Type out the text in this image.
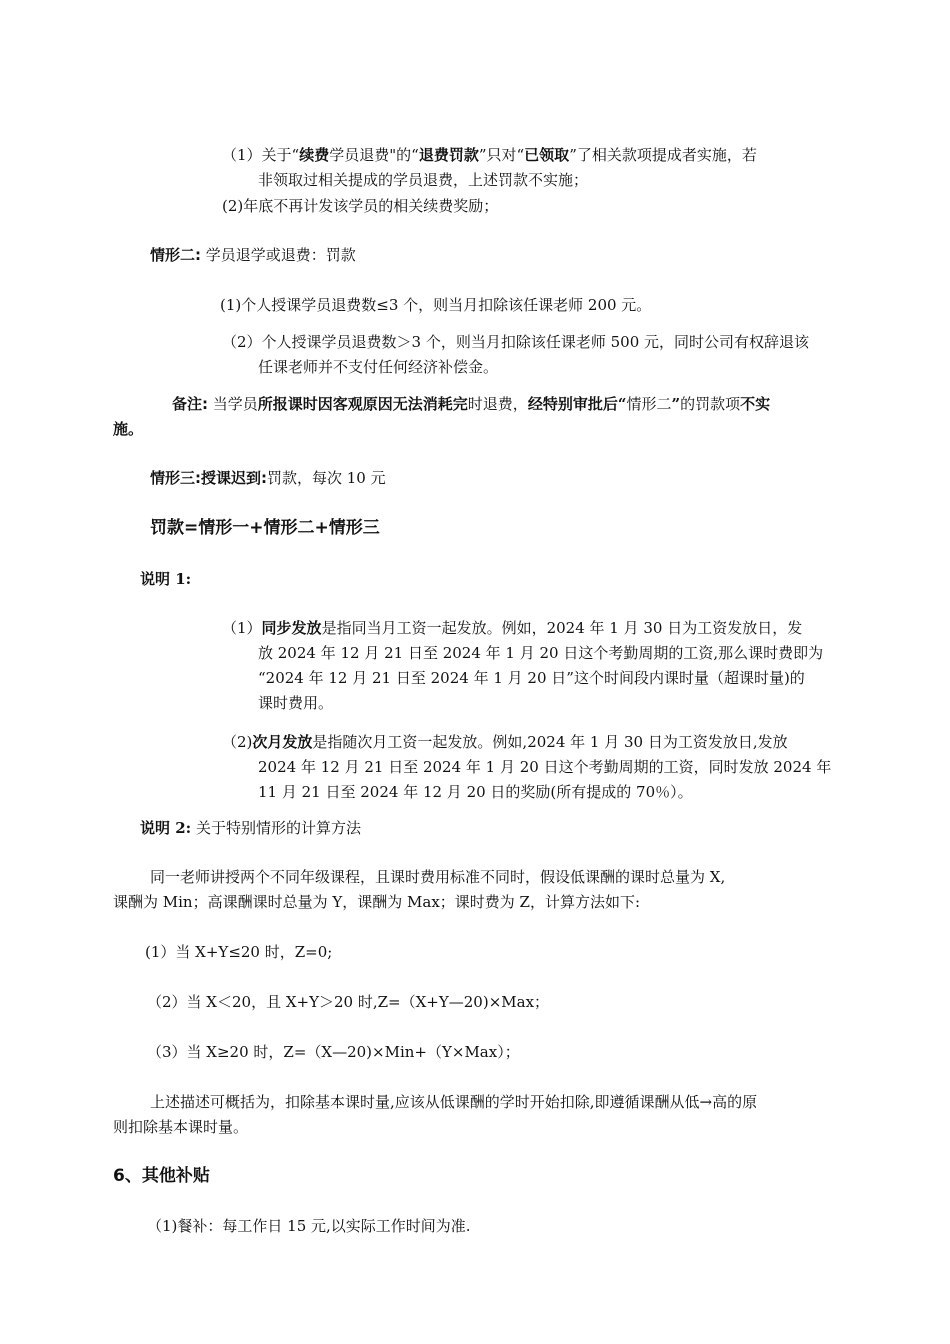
（1）关于“续费学员退费"的“退费罚款”只对“已领取”了相关款项提成者实施，若
非领取过相关提成的学员退费，上述罚款不实施；
(2)年底不再计发该学员的相关续费奖励；
情形二: 学员退学或退费：罚款
(1)个人授课学员退费数≤3 个，则当月扣除该任课老师 200 元。
（2）个人授课学员退费数＞3 个，则当月扣除该任课老师 500 元，同时公司有权辞退该
任课老师并不支付任何经济补偿金。
备注: 当学员所报课时因客观原因无法消耗完时退费，经特别审批后“情形二”的罚款项不实
施。
情形三:授课迟到:罚款，每次 10 元
罚款=情形一+情形二+情形三
说明 1:
（1）同步发放是指同当月工资一起发放。例如，2024 年 1 月 30 日为工资发放日，发
放 2024 年 12 月 21 日至 2024 年 1 月 20 日这个考勤周期的工资,那么课时费即为
“2024 年 12 月 21 日至 2024 年 1 月 20 日”这个时间段内课时量（超课时量)的
课时费用。
（2)次月发放是指随次月工资一起发放。例如,2024 年 1 月 30 日为工资发放日,发放
2024 年 12 月 21 日至 2024 年 1 月 20 日这个考勤周期的工资，同时发放 2024 年
11 月 21 日至 2024 年 12 月 20 日的奖励(所有提成的 70％）。
说明 2: 关于特别情形的计算方法
同一老师讲授两个不同年级课程，且课时费用标准不同时，假设低课酬的课时总量为 X,
课酬为 Min；高课酬课时总量为 Y，课酬为 Max；课时费为 Z，计算方法如下:
(1）当 X+Y≤20 时，Z=0;
（2）当 X＜20，且 X+Y＞20 时,Z=（X+Y—20)×Max；
（3）当 X≥20 时，Z=（X—20)×Min+（Y×Max）；
上述描述可概括为，扣除基本课时量,应该从低课酬的学时开始扣除,即遵循课酬从低→高的原
则扣除基本课时量。
6、其他补贴
（1)餐补：每工作日 15 元,以实际工作时间为准.
